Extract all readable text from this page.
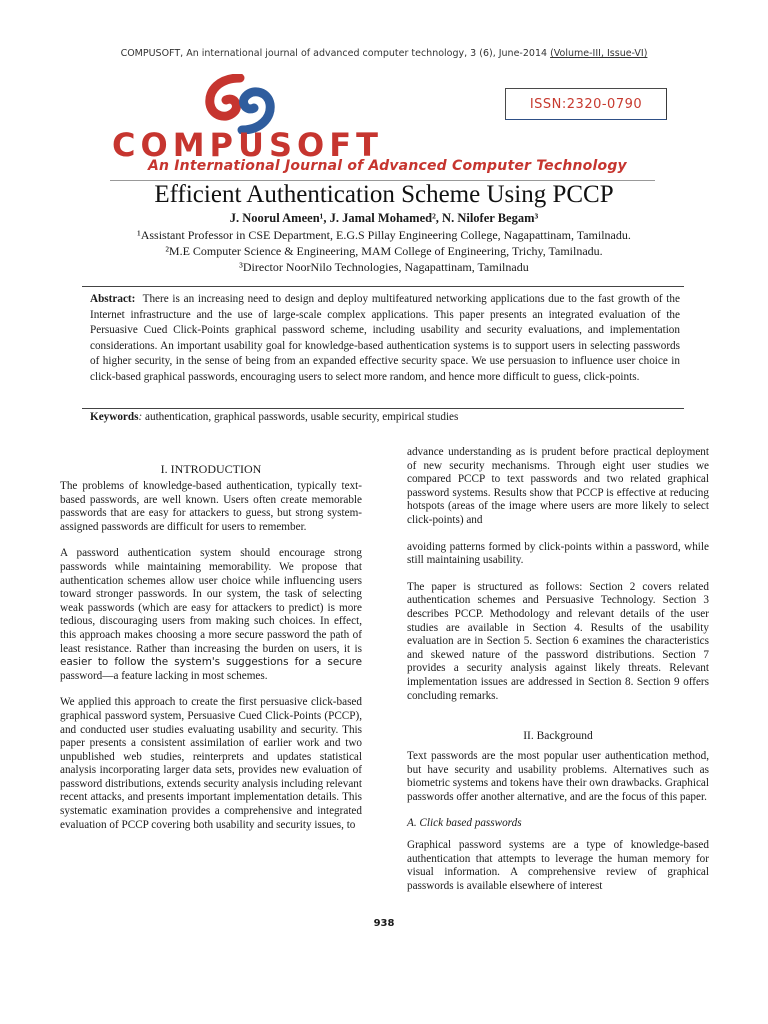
COMPUSOFT, An international journal of advanced computer technology, 3 (6), June-2014 (Volume-III, Issue-VI)
COMPUSOFT
ISSN:2320-0790
An International Journal of Advanced Computer Technology
Efficient Authentication Scheme Using PCCP
J. Noorul Ameen¹, J. Jamal Mohamed², N. Nilofer Begam³
¹Assistant Professor in CSE Department, E.G.S Pillay Engineering College, Nagapattinam, Tamilnadu.
²M.E Computer Science & Engineering, MAM College of Engineering, Trichy, Tamilnadu.
³Director NoorNilo Technologies, Nagapattinam, Tamilnadu
Abstract: There is an increasing need to design and deploy multifeatured networking applications due to the fast growth of the Internet infrastructure and the use of large-scale complex applications. This paper presents an integrated evaluation of the Persuasive Cued Click-Points graphical password scheme, including usability and security evaluations, and implementation considerations. An important usability goal for knowledge-based authentication systems is to support users in selecting passwords of higher security, in the sense of being from an expanded effective security space. We use persuasion to influence user choice in click-based graphical passwords, encouraging users to select more random, and hence more difficult to guess, click-points.
Keywords: authentication, graphical passwords, usable security, empirical studies
I. INTRODUCTION

The problems of knowledge-based authentication, typically text-based passwords, are well known. Users often create memorable passwords that are easy for attackers to guess, but strong system-assigned passwords are difficult for users to remember.

A password authentication system should encourage strong passwords while maintaining memorability. We propose that authentication schemes allow user choice while influencing users toward stronger passwords. In our system, the task of selecting weak passwords (which are easy for attackers to predict) is more tedious, discouraging users from making such choices. In effect, this approach makes choosing a more secure password the path of least resistance. Rather than increasing the burden on users, it is easier to follow the system's suggestions for a secure password—a feature lacking in most schemes.

We applied this approach to create the first persuasive click-based graphical password system, Persuasive Cued Click-Points (PCCP), and conducted user studies evaluating usability and security. This paper presents a consistent assimilation of earlier work and two unpublished web studies, reinterprets and updates statistical analysis incorporating larger data sets, provides new evaluation of password distributions, extends security analysis including relevant recent attacks, and presents important implementation details. This systematic examination provides a comprehensive and integrated evaluation of PCCP covering both usability and security issues, to

advance understanding as is prudent before practical deployment of new security mechanisms. Through eight user studies we compared PCCP to text passwords and two related graphical password systems. Results show that PCCP is effective at reducing hotspots (areas of the image where users are more likely to select click-points) and

avoiding patterns formed by click-points within a password, while still maintaining usability.

The paper is structured as follows: Section 2 covers related authentication schemes and Persuasive Technology. Section 3 describes PCCP. Methodology and relevant details of the user studies are available in Section 4. Results of the usability evaluation are in Section 5. Section 6 examines the characteristics and skewed nature of the password distributions. Section 7 provides a security analysis against likely threats. Relevant implementation issues are addressed in Section 8. Section 9 offers concluding remarks.

II. Background

Text passwords are the most popular user authentication method, but have security and usability problems. Alternatives such as biometric systems and tokens have their own drawbacks. Graphical passwords offer another alternative, and are the focus of this paper.

A. Click based passwords

Graphical password systems are a type of knowledge-based authentication that attempts to leverage the human memory for visual information. A comprehensive review of graphical passwords is available elsewhere of interest

938
